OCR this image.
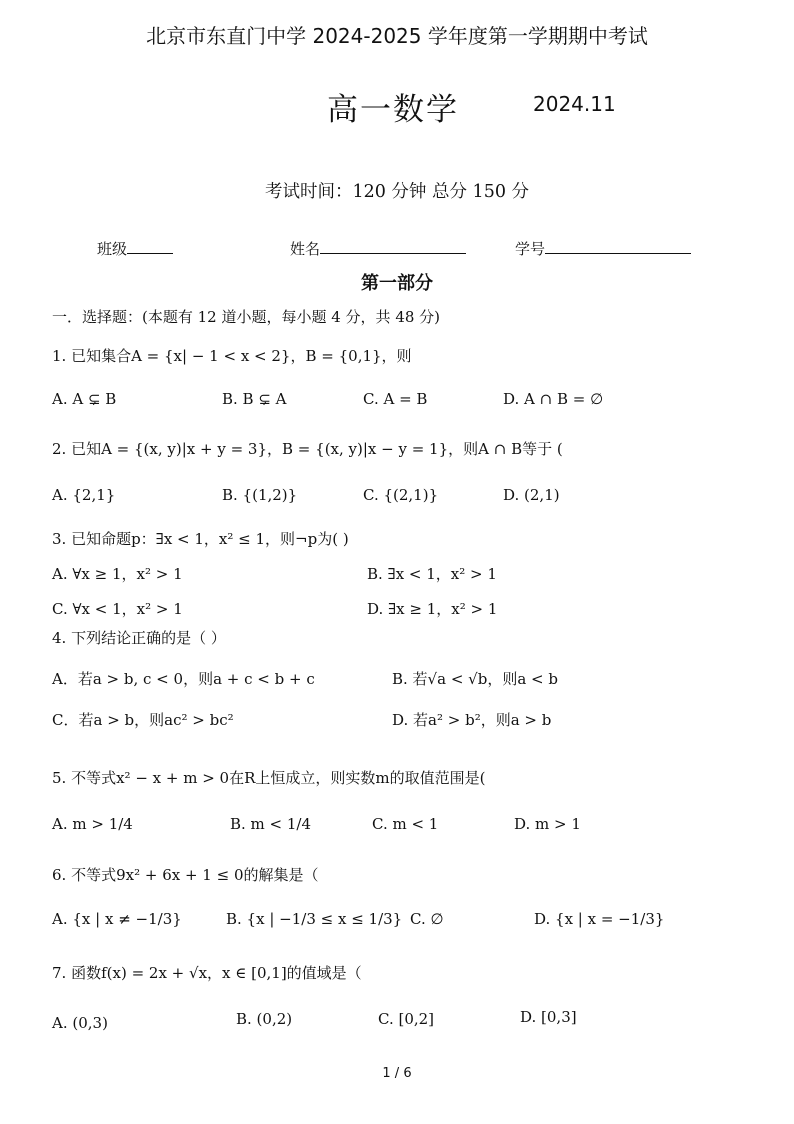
北京市东直门中学 2024-2025 学年度第一学期期中考试
高一数学	2024.11
考试时间：120 分钟 总分 150 分
班级	姓名	学号
第一部分
一．选择题：(本题有 12 道小题，每小题 4 分，共 48 分)
1. 已知集合A = {x| − 1 < x < 2}，B = {0,1}，则
A. A ⊊ B	B. B ⊊ A	C. A = B	D. A ∩ B = ∅
2. 已知A = {(x, y)|x + y = 3}，B = {(x, y)|x − y = 1}，则A ∩ B等于 (
A. {2,1}	B. {(1,2)}	C. {(2,1)}	D. (2,1)
3. 已知命题p：∃x < 1，x² ≤ 1，则¬p为( )
A. ∀x ≥ 1，x² > 1	B. ∃x < 1，x² > 1
C. ∀x < 1，x² > 1	D. ∃x ≥ 1，x² > 1
4. 下列结论正确的是（ ）
A．若a > b, c < 0，则a + c < b + c	B. 若√a < √b，则a < b
C．若a > b，则ac² > bc²	D. 若a² > b²，则a > b
5. 不等式x² − x + m > 0在R上恒成立，则实数m的取值范围是(
A. m > 1/4	B. m < 1/4	C. m < 1	D. m > 1
6. 不等式9x² + 6x + 1 ≤ 0的解集是（
A. {x | x ≠ −1/3}	B. {x | −1/3 ≤ x ≤ 1/3} C. ∅	D. {x | x = −1/3}
7. 函数f(x) = 2x + √x，x ∈ [0,1]的值域是（
A. (0,3)	B. (0,2)	C. [0,2]	D. [0,3]
1 / 6
